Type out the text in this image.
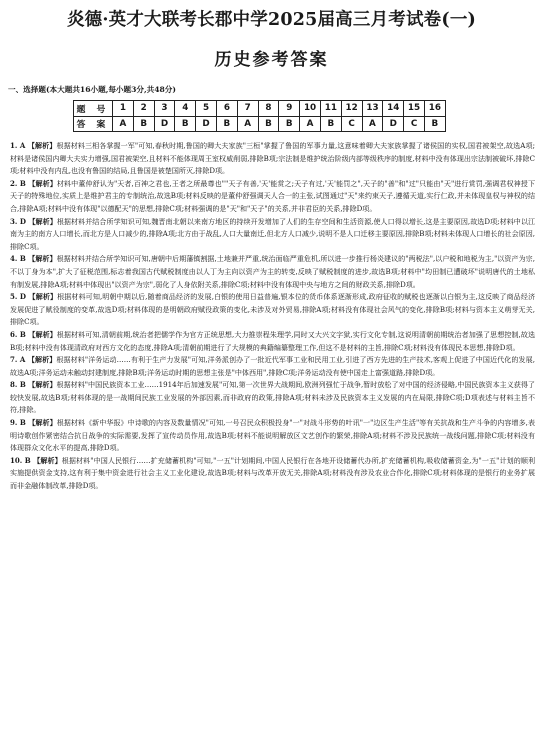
炎德·英才大联考长郡中学2025届高三月考试卷(一)
历史参考答案
一、选择题(本大题共16小题,每小题3分,共48分)
题 号	1	2	3	4	5	6	7	8	9	10	11	12	13	14	15	16
答 案	A	B	D	B	D	B	A	B	B	A	B	C	A	D	C	B

1. A 【解析】根据材料三相各掌握一军"可知,春秋时期,鲁国的卿大夫家族"三桓"掌握了鲁国的军事力量,这意味着卿大夫家族掌握了诸侯国的实权,国君被架空,故选A项;材料是诸侯国内卿大夫实力增强,国君被架空,且材料不能体现周王室权威削弱,排除B项;宗法制是维护统治阶级内部等级秩序的制度,材料中没有体现出宗法制被破坏,排除C项;材料中没有内乱,也没有鲁国的结局,且鲁国是被楚国所灭,排除D项。

2. B 【解析】材料中董仲舒认为"天者,百神之君也,王者之所最尊也""天子有善,'天'能赏之;天子有过,'天'能罚之",天子的"善"和"过"只能由"天"进行赏罚,强调君权神授下天子的特殊地位,实质上是维护君主的专制统治,故选B项;材料反映的是董仲舒强调天人合一的主张,试图通过"天"来约束天子,遵循天道,实行仁政,并未体现皇权与神权的结合,排除A项;材料中没有体现"以德配天"的思想,排除C项;材料强调的是"天"和"天子"的关系,并非君臣的关系,排除D项。

3. D 【解析】根据材料并结合所学知识可知,魏晋南北朝以来南方地区的持续开发增加了人们的生存空间和生活资源,使人口得以增长,这是主要原因,故选D项;材料中以江南为主的南方人口增长,而北方是人口减少的,排除A项;北方由于战乱,人口大量南迁,但北方人口减少,说明不是人口迁移主要原因,排除B项;材料未体现人口增长的社会原因,排除C项。

4. B 【解析】根据材料并结合所学知识可知,唐朝中后期藩镇割据,土地兼并严重,统治面临严重危机,所以进一步推行杨炎建议的"两税法",以户税和地税为主,"以资产为宗,不以丁身为本",扩大了征税范围,标志着我国古代赋税制度由以人丁为主向以资产为主的转变,反映了赋税制度的进步,故选B项;材料中"均田制已遭破坏"说明唐代的土地私有制发展,排除A项;材料中体现出"以资产为宗",弱化了人身依附关系,排除C项;材料中没有体现中央与地方之间的财政关系,排除D项。

5. D 【解析】根据材料可知,明朝中期以后,随着商品经济的发展,白银的使用日益普遍,银本位的货币体系逐渐形成,政府征收的赋税也逐渐以白银为主,这反映了商品经济发展促进了赋役制度的变革,故选D项;材料体现的是明朝政府赋役政策的变化,未涉及对外贸易,排除A项;材料没有体现社会风气的变化,排除B项;材料与资本主义萌芽无关,排除C项。

6. B 【解析】根据材料可知,清朝前期,统治者把儒学作为官方正统思想,大力推崇程朱理学,同时又大兴文字狱,实行文化专制,这说明清朝前期统治者加强了思想控制,故选B项;材料中没有体现清政府对西方文化的态度,排除A项;清朝前期进行了大规模的典籍编纂整理工作,但这不是材料的主旨,排除C项;材料没有体现民本思想,排除D项。

7. A 【解析】根据材料"洋务运动……有利于生产力发展"可知,洋务派创办了一批近代军事工业和民用工业,引进了西方先进的生产技术,客观上促进了中国近代化的发展,故选A项;洋务运动未触动封建制度,排除B项;洋务运动时期的思想主张是"中体西用",排除C项;洋务运动没有使中国走上富强道路,排除D项。

8. B 【解析】根据材料"中国民族资本工业……1914年后加速发展"可知,第一次世界大战期间,欧洲列强忙于战争,暂时放松了对中国的经济侵略,中国民族资本主义获得了较快发展,故选B项;材料体现的是一战期间民族工业发展的外部因素,而非政府的政策,排除A项;材料未涉及民族资本主义发展的内在局限,排除C项;D项表述与材料主旨不符,排除。

9. B 【解析】根据材料《新中华报》中诗歌的内容及数量情况"可知,一号召民众积极投身"一"对战斗形势的叶讯"一"边区生产生活"等有关抗战和生产斗争的内容增多,表明诗歌创作紧密结合抗日战争的实际需要,发挥了宣传动员作用,故选B项;材料不能说明解放区文艺创作的繁荣,排除A项;材料不涉及民族统一战线问题,排除C项;材料没有体现群众文化水平的提高,排除D项。

10. B 【解析】根据材料"中国人民银行……扩充储蓄机构"可知,"一五"计划期间,中国人民银行在各地开设储蓄代办所,扩充储蓄机构,吸收储蓄资金,为"一五"计划的顺利实施提供资金支持,这有利于集中资金进行社会主义工业化建设,故选B项;材料与改革开放无关,排除A项;材料没有涉及农业合作化,排除C项;材料体现的是银行的业务扩展而非金融体制改革,排除D项。
